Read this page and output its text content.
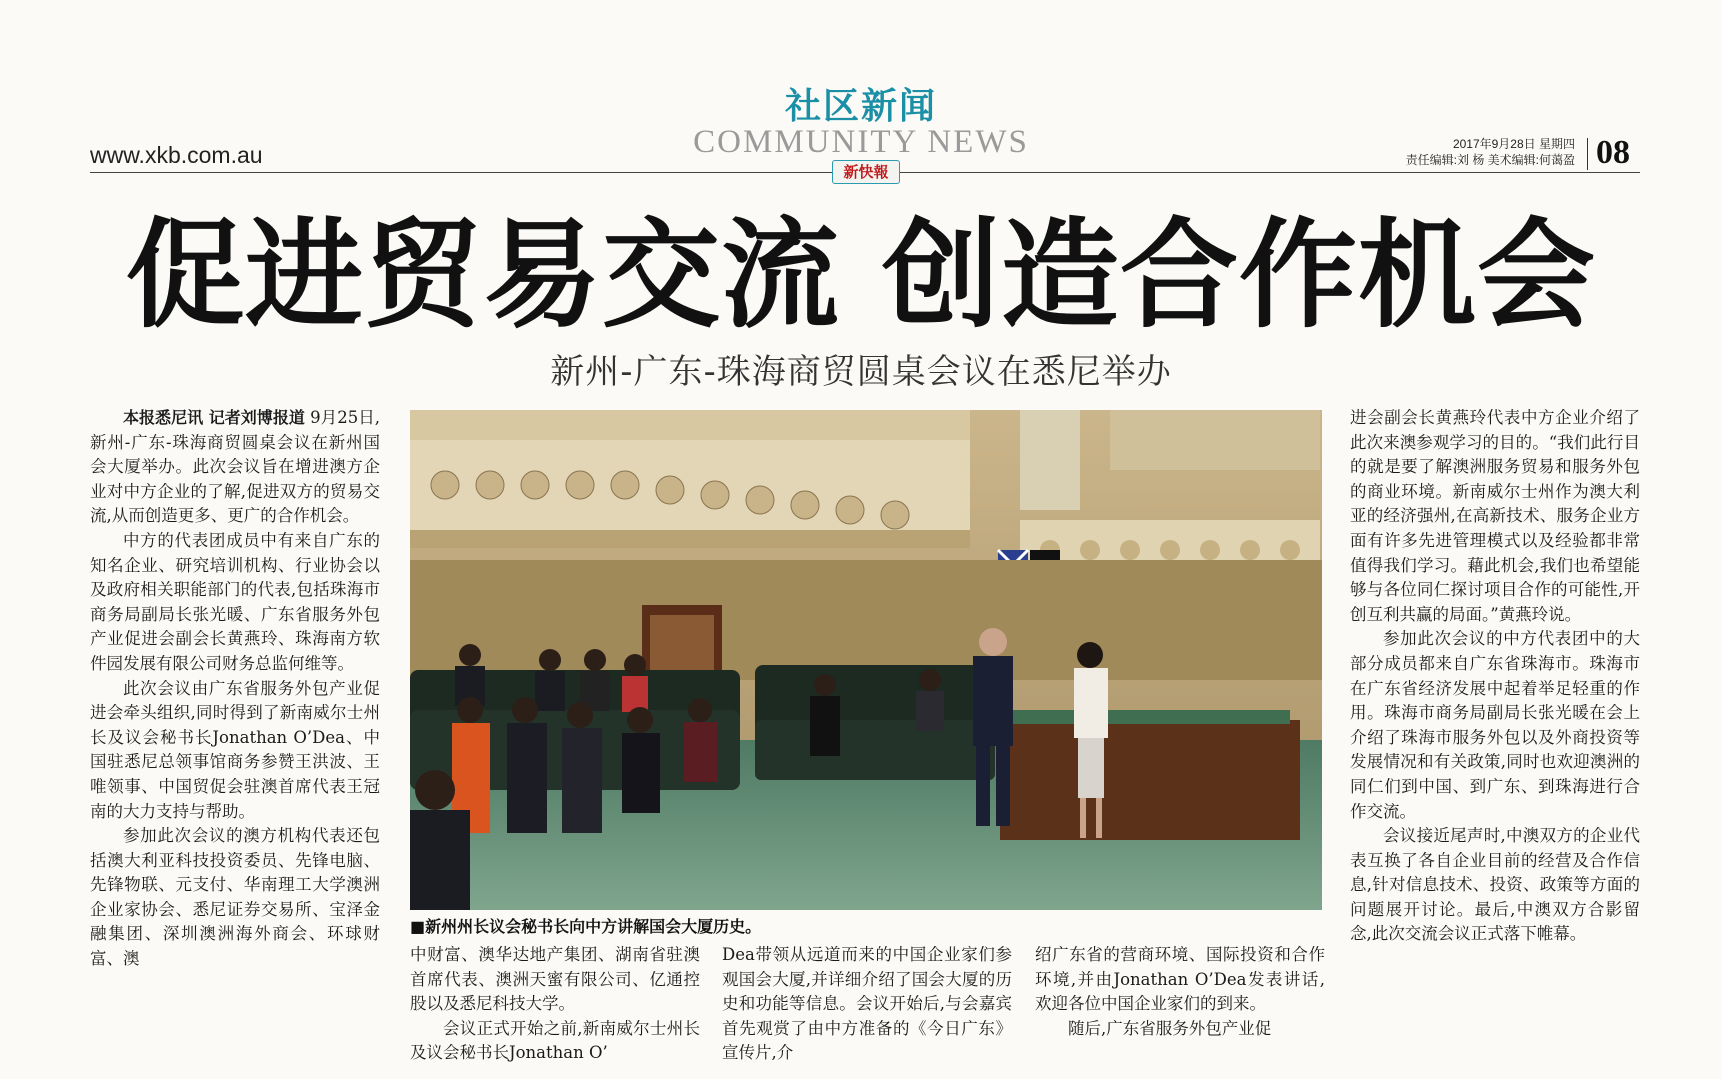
社区新闻
COMMUNITY NEWS
www.xkb.com.au
新快報
2017年9月28日 星期四
责任编辑:刘 杨 美术编辑:何蔼盈 08
促进贸易交流 创造合作机会
新州-广东-珠海商贸圆桌会议在悉尼举办

本报悉尼讯 记者刘博报道 9月25日,新州-广东-珠海商贸圆桌会议在新州国会大厦举办。此次会议旨在增进澳方企业对中方企业的了解,促进双方的贸易交流,从而创造更多、更广的合作机会。

中方的代表团成员中有来自广东的知名企业、研究培训机构、行业协会以及政府相关职能部门的代表,包括珠海市商务局副局长张光暖、广东省服务外包产业促进会副会长黄燕玲、珠海南方软件园发展有限公司财务总监何维等。

此次会议由广东省服务外包产业促进会牵头组织,同时得到了新南威尔士州长及议会秘书长Jonathan O’Dea、中国驻悉尼总领事馆商务参赞王洪波、王唯领事、中国贸促会驻澳首席代表王冠南的大力支持与帮助。

参加此次会议的澳方机构代表还包括澳大利亚科技投资委员、先锋电脑、先锋物联、元支付、华南理工大学澳洲企业家协会、悉尼证券交易所、宝泽金融集团、深圳澳洲海外商会、环球财富、澳

■新州州长议会秘书长向中方讲解国会大厦历史。

中财富、澳华达地产集团、湖南省驻澳首席代表、澳洲天蜜有限公司、亿通控股以及悉尼科技大学。

会议正式开始之前,新南威尔士州长及议会秘书长Jonathan O’

Dea带领从远道而来的中国企业家们参观国会大厦,并详细介绍了国会大厦的历史和功能等信息。会议开始后,与会嘉宾首先观赏了由中方准备的《今日广东》宣传片,介

绍广东省的营商环境、国际投资和合作环境,并由Jonathan O’Dea发表讲话,欢迎各位中国企业家们的到来。

随后,广东省服务外包产业促

进会副会长黄燕玲代表中方企业介绍了此次来澳参观学习的目的。“我们此行目的就是要了解澳洲服务贸易和服务外包的商业环境。新南威尔士州作为澳大利亚的经济强州,在高新技术、服务企业方面有许多先进管理模式以及经验都非常值得我们学习。藉此机会,我们也希望能够与各位同仁探讨项目合作的可能性,开创互利共赢的局面。”黄燕玲说。

参加此次会议的中方代表团中的大部分成员都来自广东省珠海市。珠海市在广东省经济发展中起着举足轻重的作用。珠海市商务局副局长张光暖在会上介绍了珠海市服务外包以及外商投资等发展情况和有关政策,同时也欢迎澳洲的同仁们到中国、到广东、到珠海进行合作交流。

会议接近尾声时,中澳双方的企业代表互换了各自企业目前的经营及合作信息,针对信息技术、投资、政策等方面的问题展开讨论。最后,中澳双方合影留念,此次交流会议正式落下帷幕。
